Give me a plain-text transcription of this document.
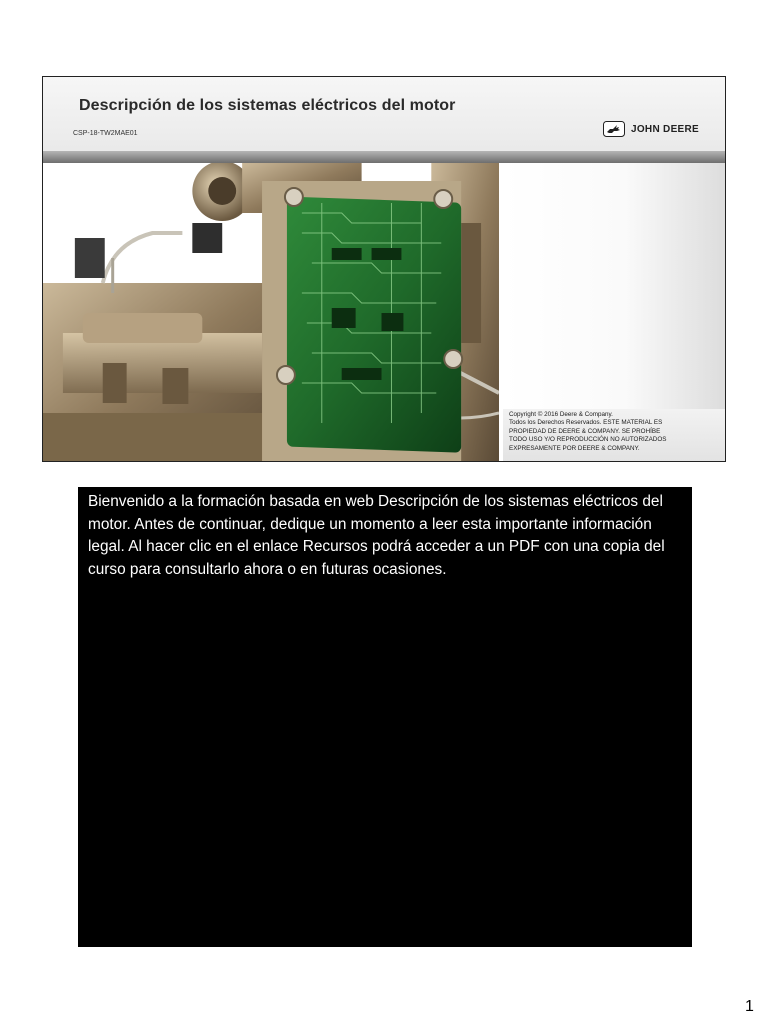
Descripción de los sistemas eléctricos del motor
CSP-18-TW2MAE01	JOHN DEERE
Copyright © 2016 Deere & Company.
Todos los Derechos Reservados. ESTE MATERIAL ES
PROPIEDAD DE DEERE & COMPANY. SE PROHÍBE
TODO USO Y/O REPRODUCCIÓN NO AUTORIZADOS
EXPRESAMENTE POR DEERE & COMPANY.

Bienvenido a la formación basada en web Descripción de los sistemas eléctricos del motor. Antes de continuar, dedique un momento a leer esta importante información legal. Al hacer clic en el enlace Recursos podrá acceder a un PDF con una copia del curso para consultarlo ahora o en futuras ocasiones.

1
